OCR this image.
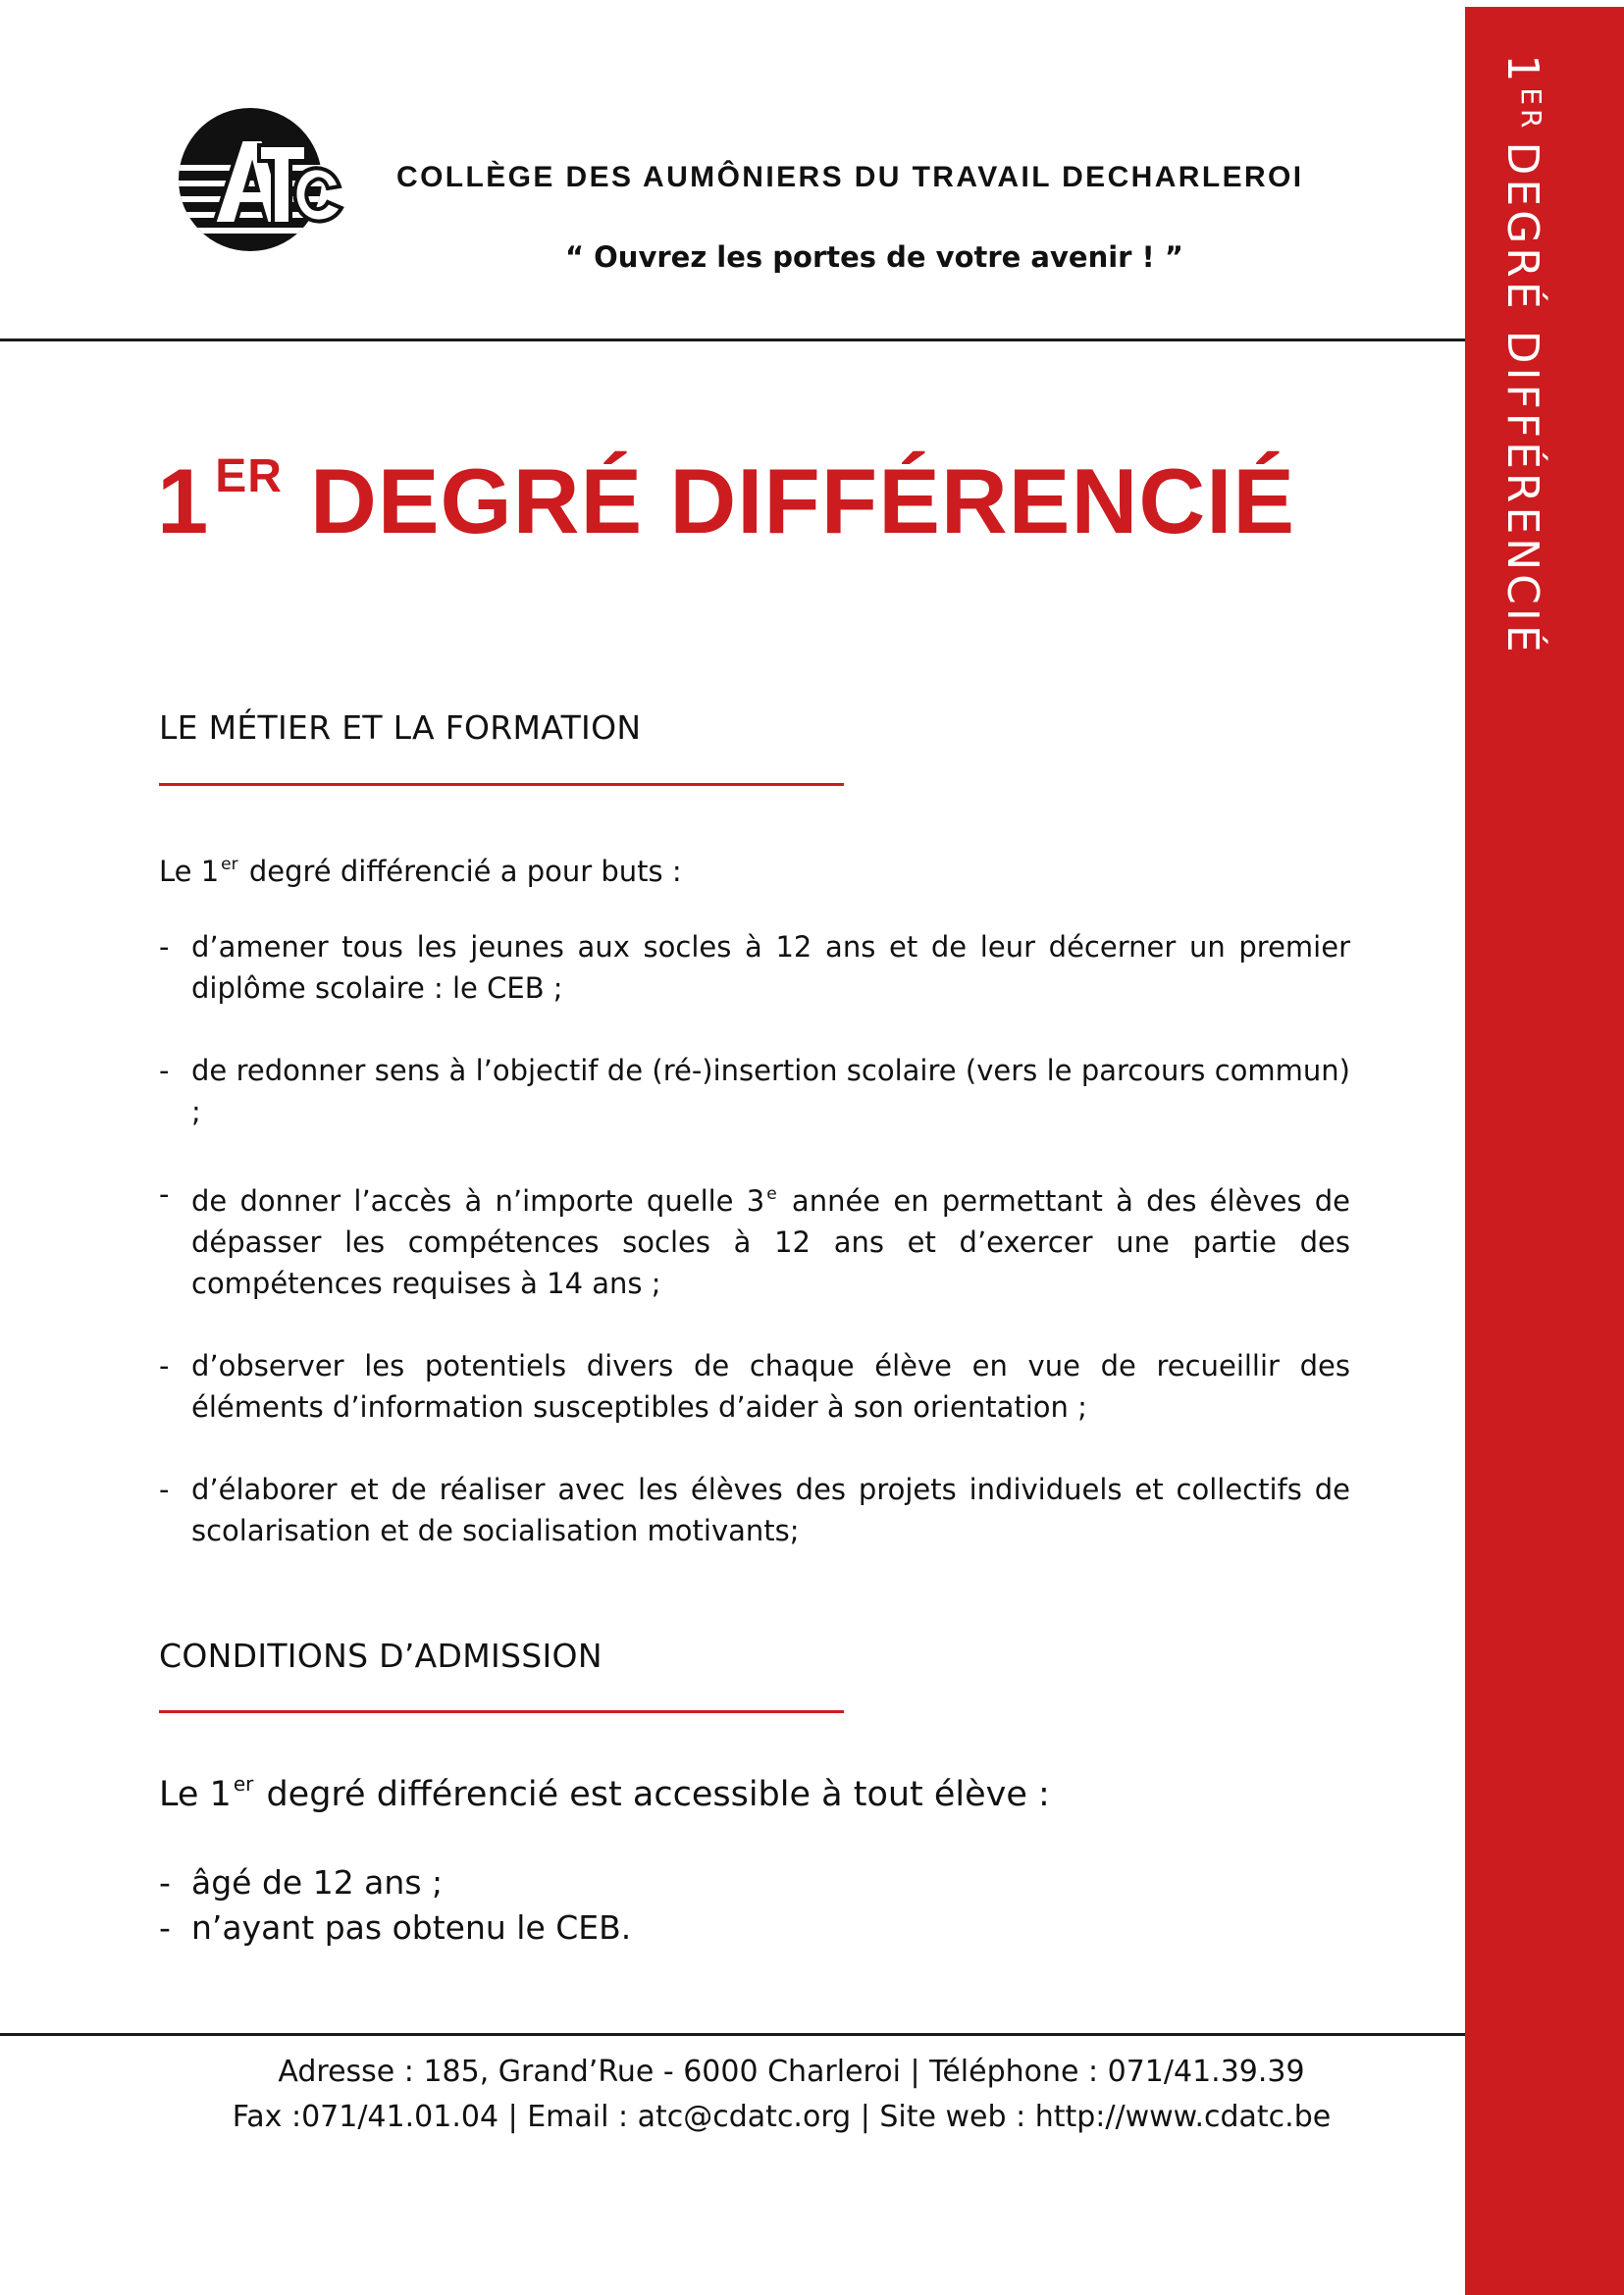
1ERDEGRÉ DIFFÉRENCIÉ
COLLÈGE DES AUMÔNIERS DU TRAVAIL DECHARLEROI
“ Ouvrez les portes de votre avenir ! ”
1 $^{ER}$ DEGRÉ DIFFÉRENCIÉ
LE MÉTIER ET LA FORMATION
Le 1 $^{er}$ degré différencié a pour buts :
- d’amener tous les jeunes aux socles à 12 ans et de leur décerner un premier diplôme scolaire : le CEB ;
- de redonner sens à l’objectif de (ré-)insertion scolaire (vers le parcours commun) ;
- de donner l’accès à n’importe quelle 3 $^e$ année en permettant à des élèves de dépasser les compétences socles à 12 ans et d’exercer une partie des compétences requises à 14 ans ;
- d’observer les potentiels divers de chaque élève en vue de recueillir des éléments d’information susceptibles d’aider à son orientation ;
- d’élaborer et de réaliser avec les élèves des projets individuels et collectifs de scolarisation et de socialisation motivants;
CONDITIONS D’ADMISSION
Le 1 $^{er}$ degré différencié est accessible à tout élève :
- âgé de 12 ans ;
- n’ayant pas obtenu le CEB.
Adresse : 185, Grand’Rue - 6000 Charleroi | Téléphone : 071/41.39.39
Fax :071/41.01.04 | Email : atc@cdatc.org | Site web : http://www.cdatc.be
